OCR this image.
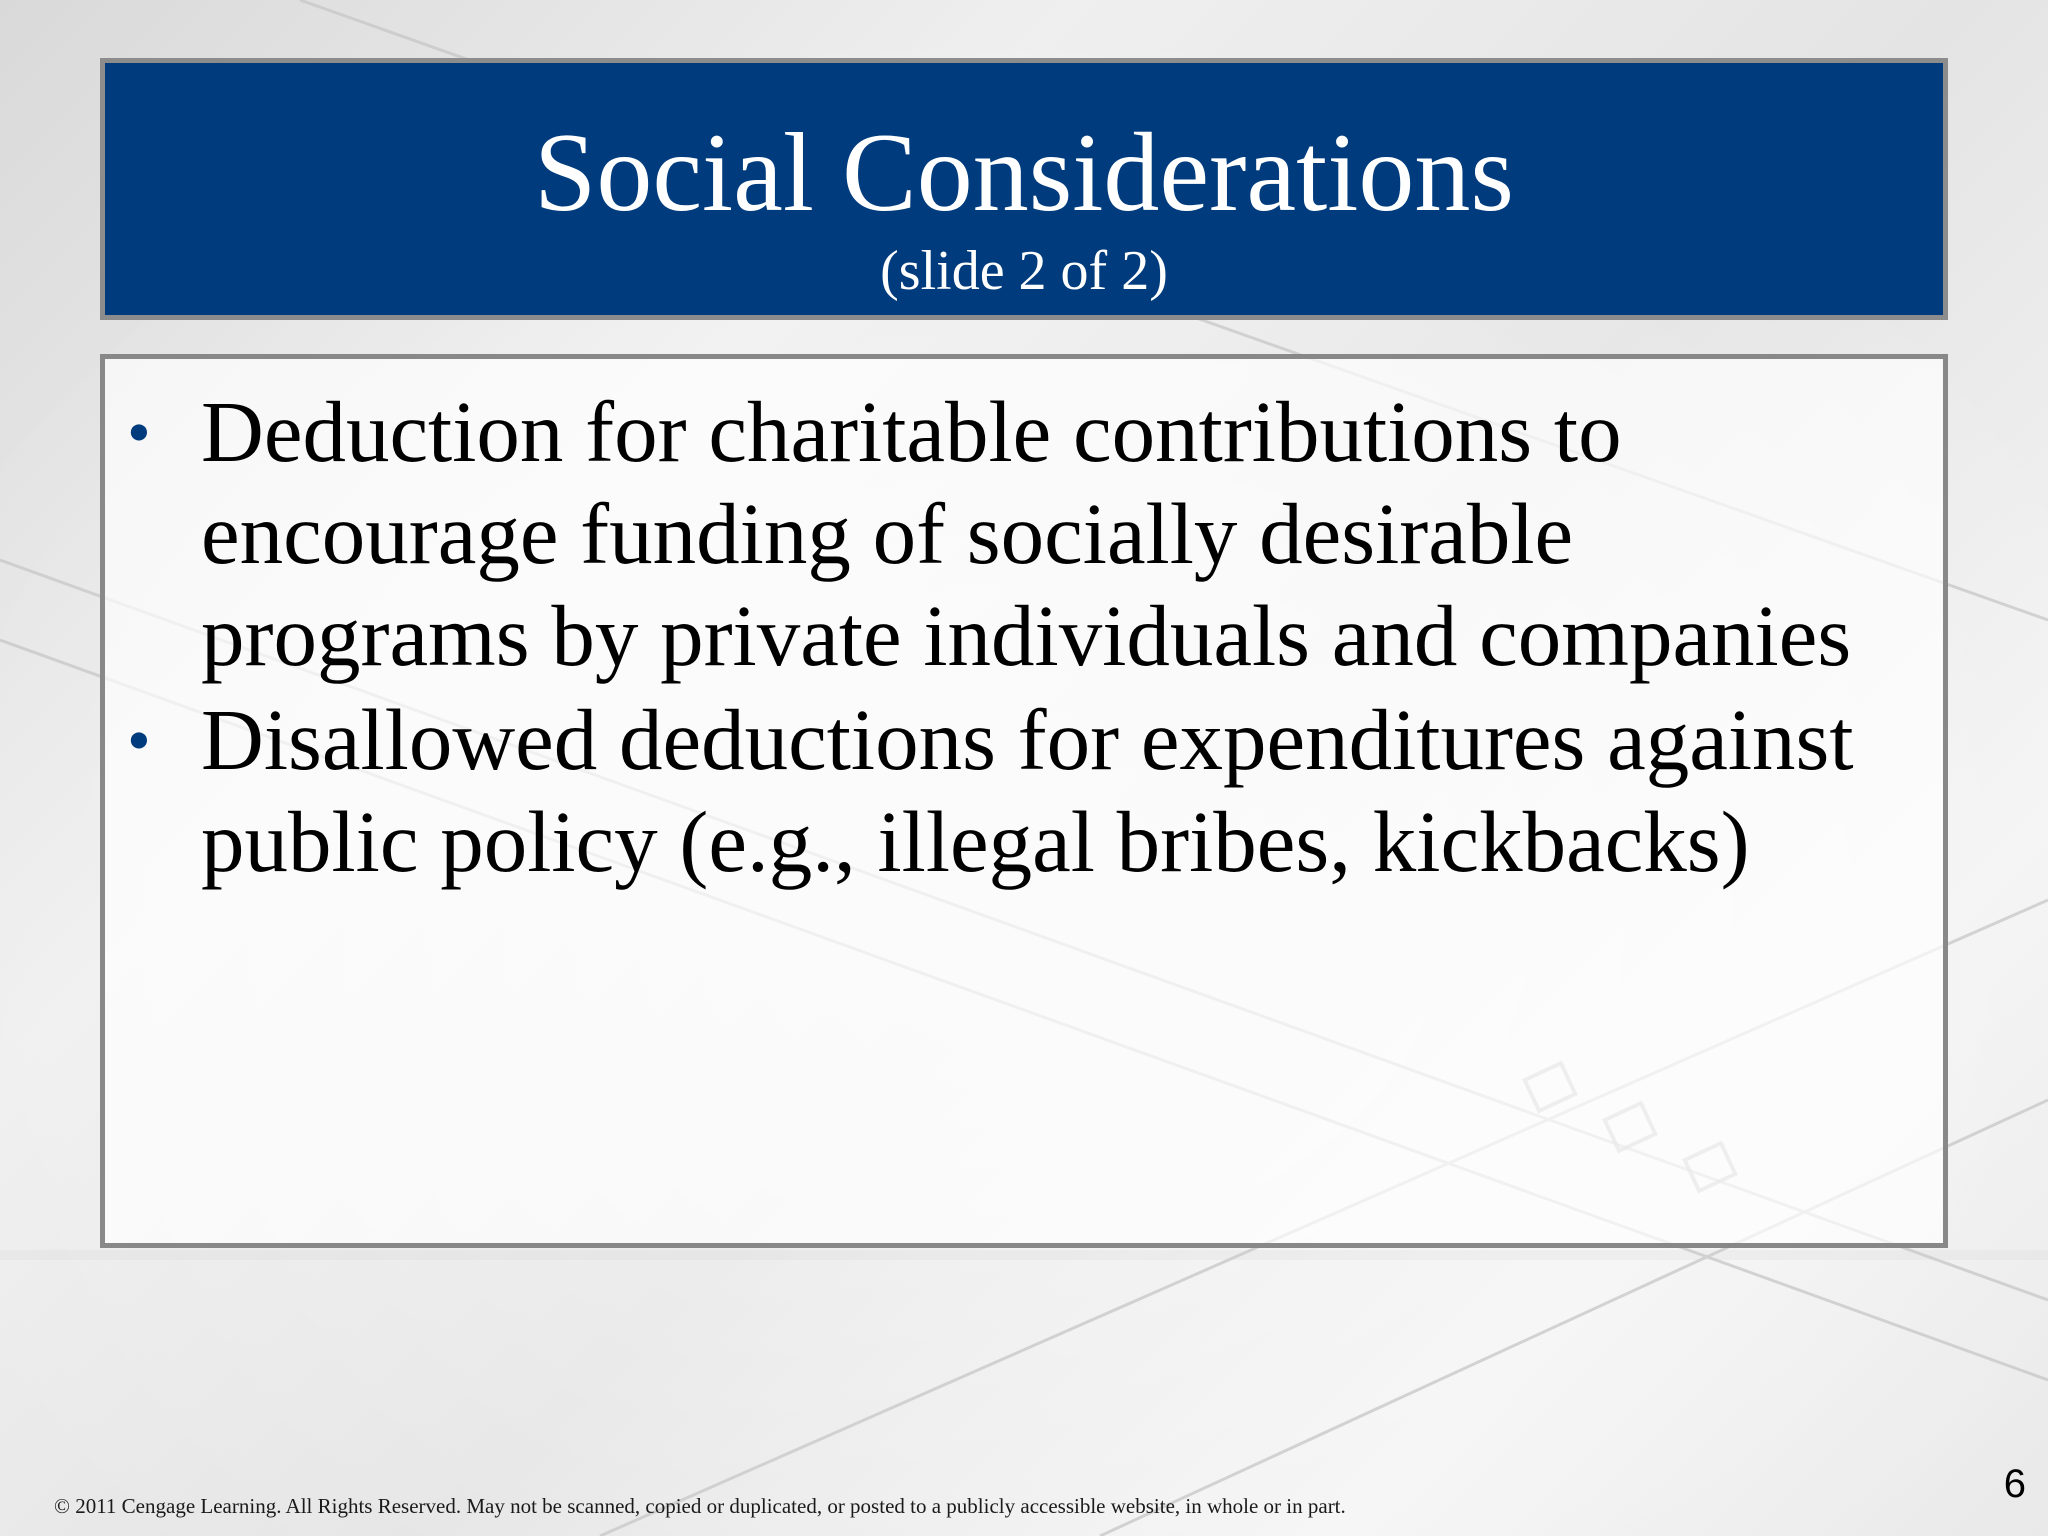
Social Considerations
(slide 2 of 2)
• Deduction for charitable contributions to encourage funding of socially desirable programs by private individuals and companies
• Disallowed deductions for expenditures against public policy (e.g., illegal bribes, kickbacks)
© 2011 Cengage Learning. All Rights Reserved. May not be scanned, copied or duplicated, or posted to a publicly accessible website, in whole or in part.	6
